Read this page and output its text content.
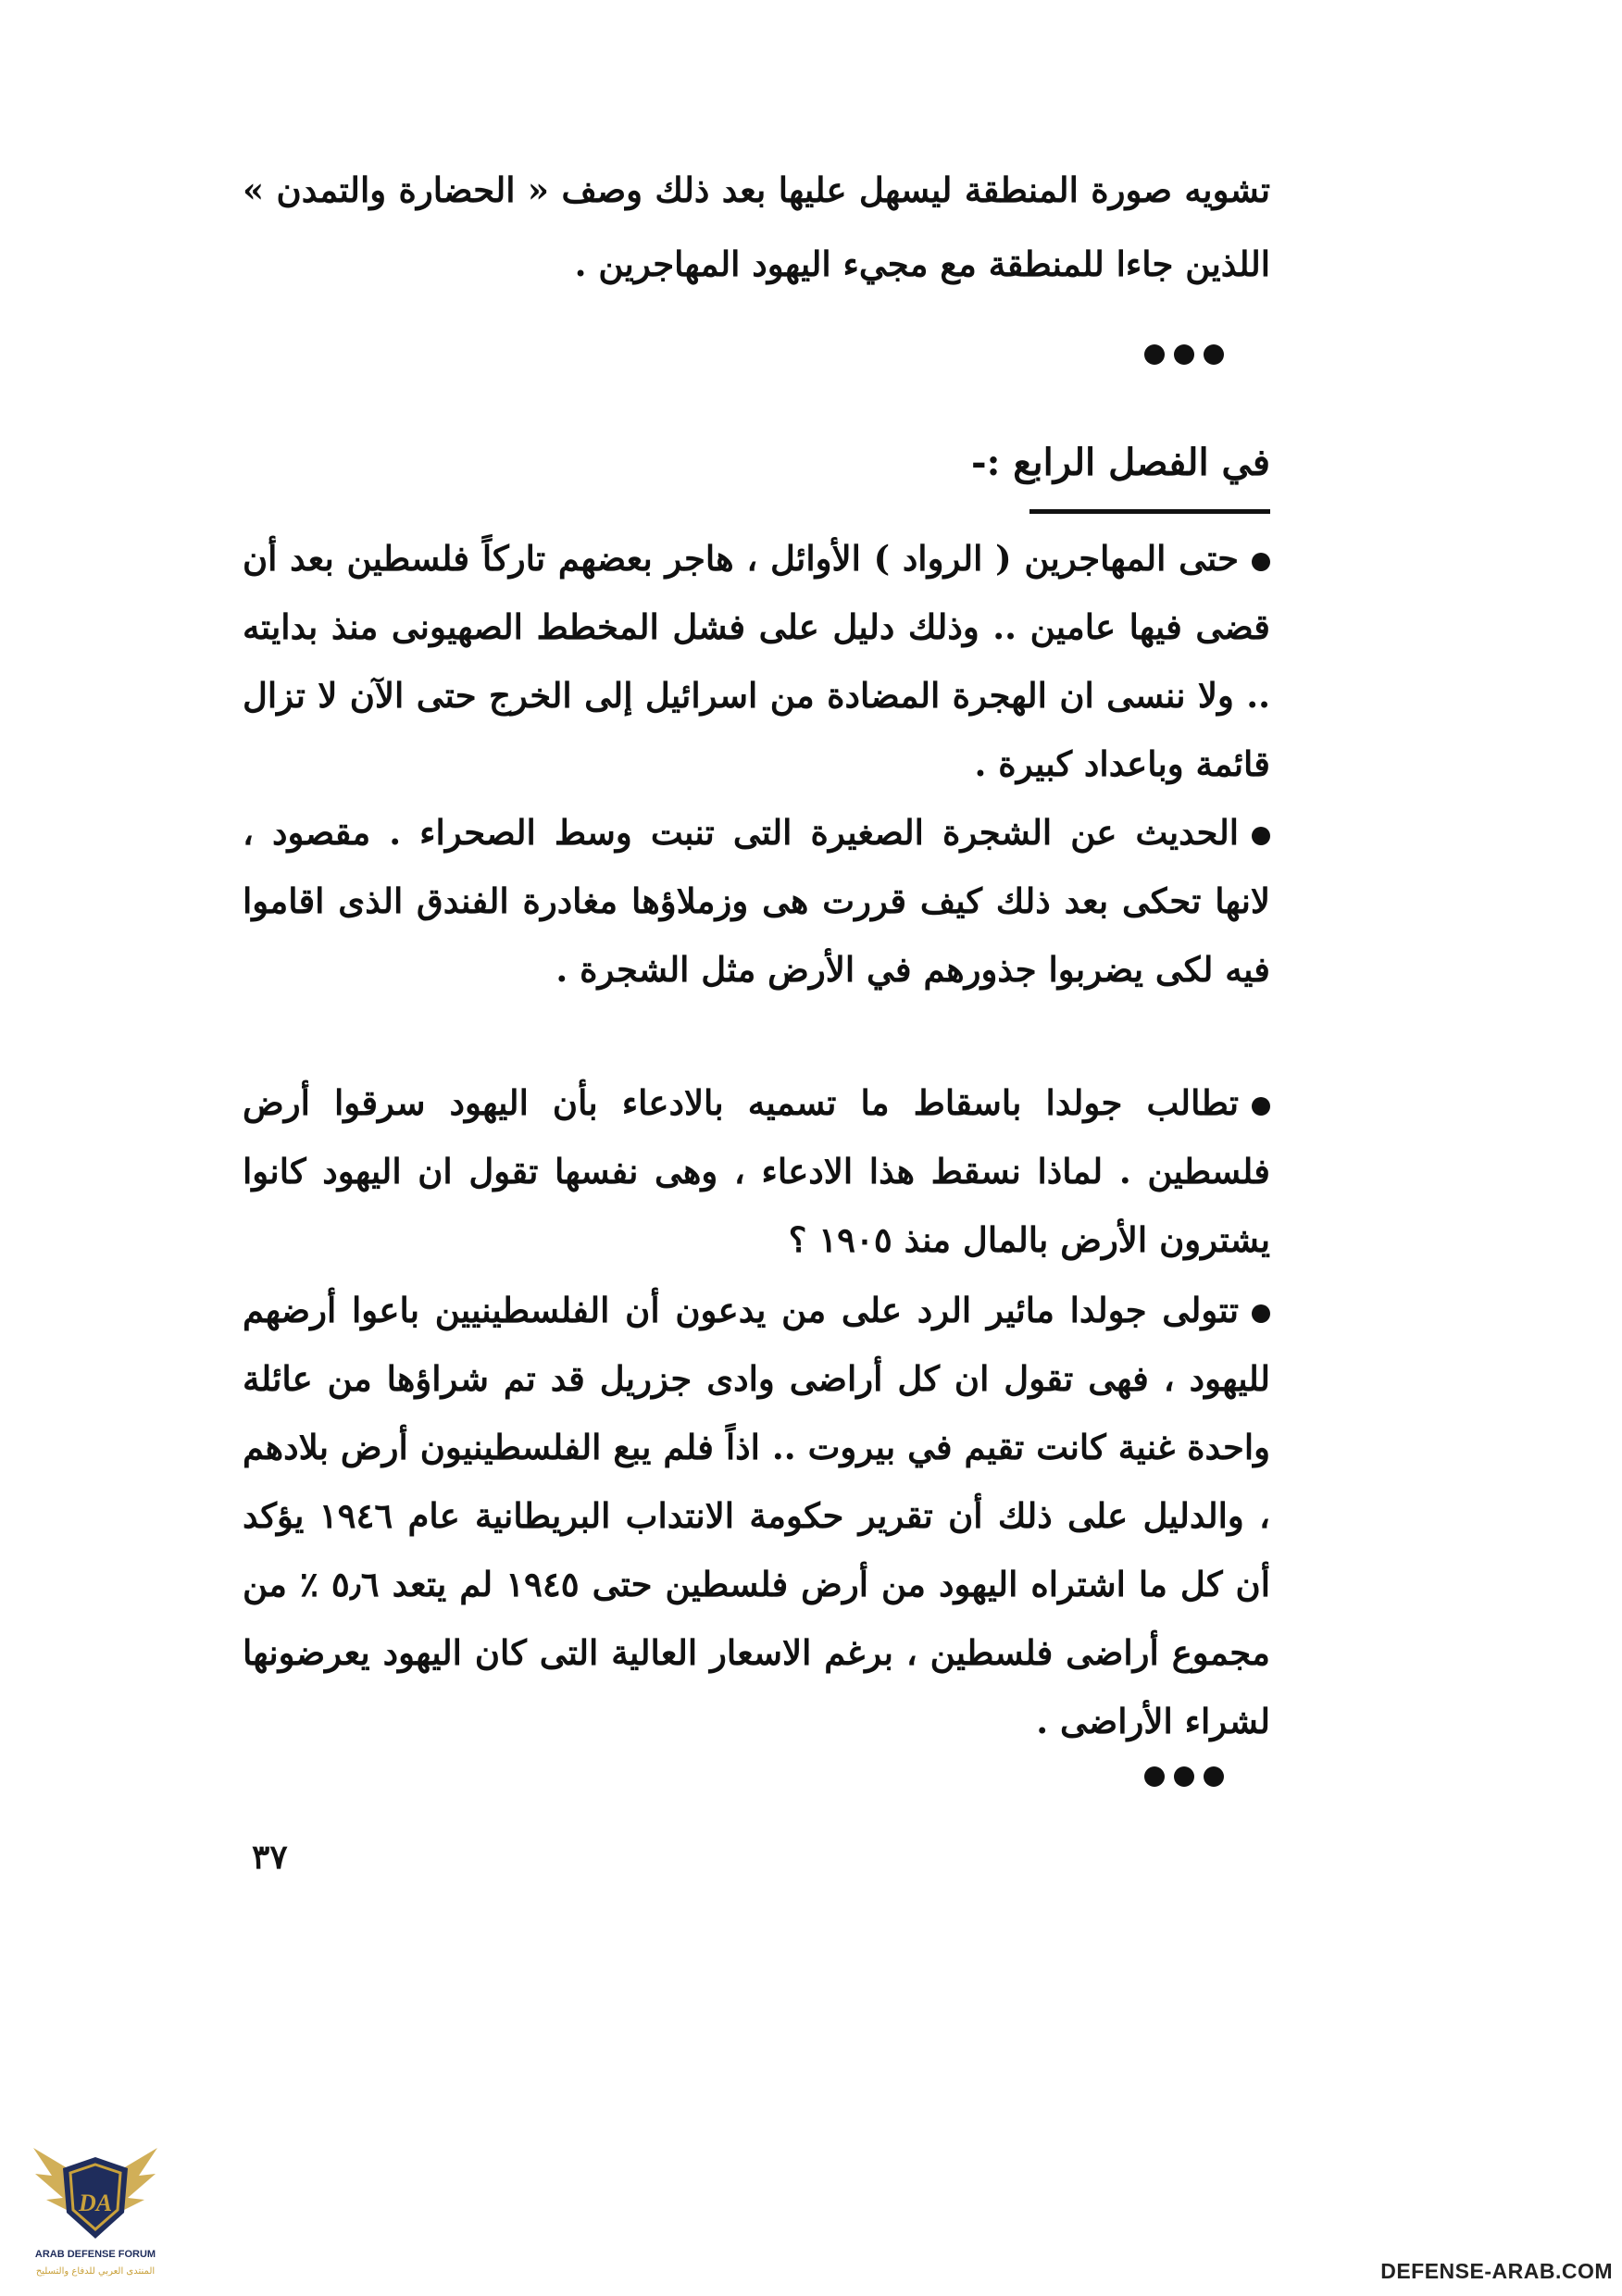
تشويه صورة المنطقة ليسهل عليها بعد ذلك وصف « الحضارة والتمدن » اللذين جاءا للمنطقة مع مجيء اليهود المهاجرين .

في الفصل الرابع :-

حتى المهاجرين ( الرواد ) الأوائل ، هاجر بعضهم تاركاً فلسطين بعد أن قضى فيها عامين .. وذلك دليل على فشل المخطط الصهيونى منذ بدايته .. ولا ننسى ان الهجرة المضادة من اسرائيل إلى الخرج حتى الآن لا تزال قائمة وباعداد كبيرة .

الحديث عن الشجرة الصغيرة التى تنبت وسط الصحراء . مقصود ، لانها تحكى بعد ذلك كيف قررت هى وزملاؤها مغادرة الفندق الذى اقاموا فيه لكى يضربوا جذورهم في الأرض مثل الشجرة .

تطالب جولدا باسقاط ما تسميه بالادعاء بأن اليهود سرقوا أرض فلسطين . لماذا نسقط هذا الادعاء ، وهى نفسها تقول ان اليهود كانوا يشترون الأرض بالمال منذ ١٩٠٥ ؟

تتولى جولدا مائير الرد على من يدعون أن الفلسطينيين باعوا أرضهم لليهود ، فهى تقول ان كل أراضى وادى جزريل قد تم شراؤها من عائلة واحدة غنية كانت تقيم في بيروت .. اذاً فلم يبع الفلسطينيون أرض بلادهم ، والدليل على ذلك أن تقرير حكومة الانتداب البريطانية عام ١٩٤٦ يؤكد أن كل ما اشتراه اليهود من أرض فلسطين حتى ١٩٤٥ لم يتعد ٥٫٦ ٪ من مجموع أراضى فلسطين ، برغم الاسعار العالية التى كان اليهود يعرضونها لشراء الأراضى .

٣٧
DA
ARAB DEFENSE FORUM
المنتدى العربي للدفاع والتسليح	DEFENSE-ARAB.COM
